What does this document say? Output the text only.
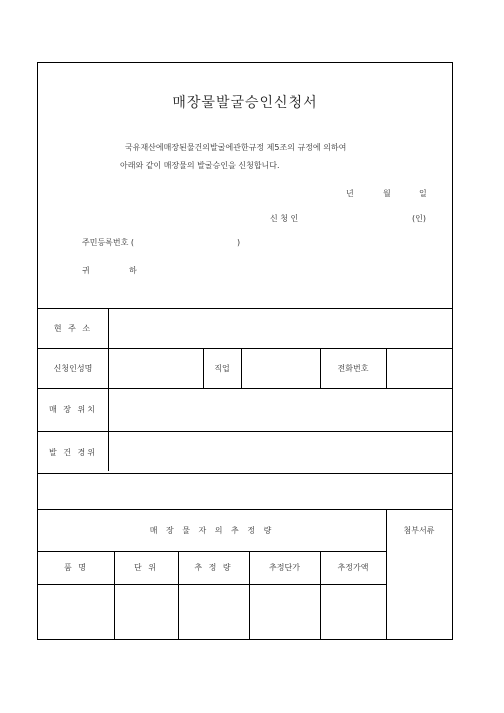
매장물발굴승인신청서
국유재산에매장된물건의발굴에관한규정 제5조의 규정에 의하여
아래와 같이 매장물의 발굴승인을 신청합니다.
년	월	일
신 청 인	(인)
주민등록번호 (	)
귀	하
현 주 소
신청인성명	직업	전화번호
매 장 위치
발 건 경위
매 장 물 자 의 추 정 량	첨부서류
품 명	단 위	추 정 량	추정단가	추정가액
